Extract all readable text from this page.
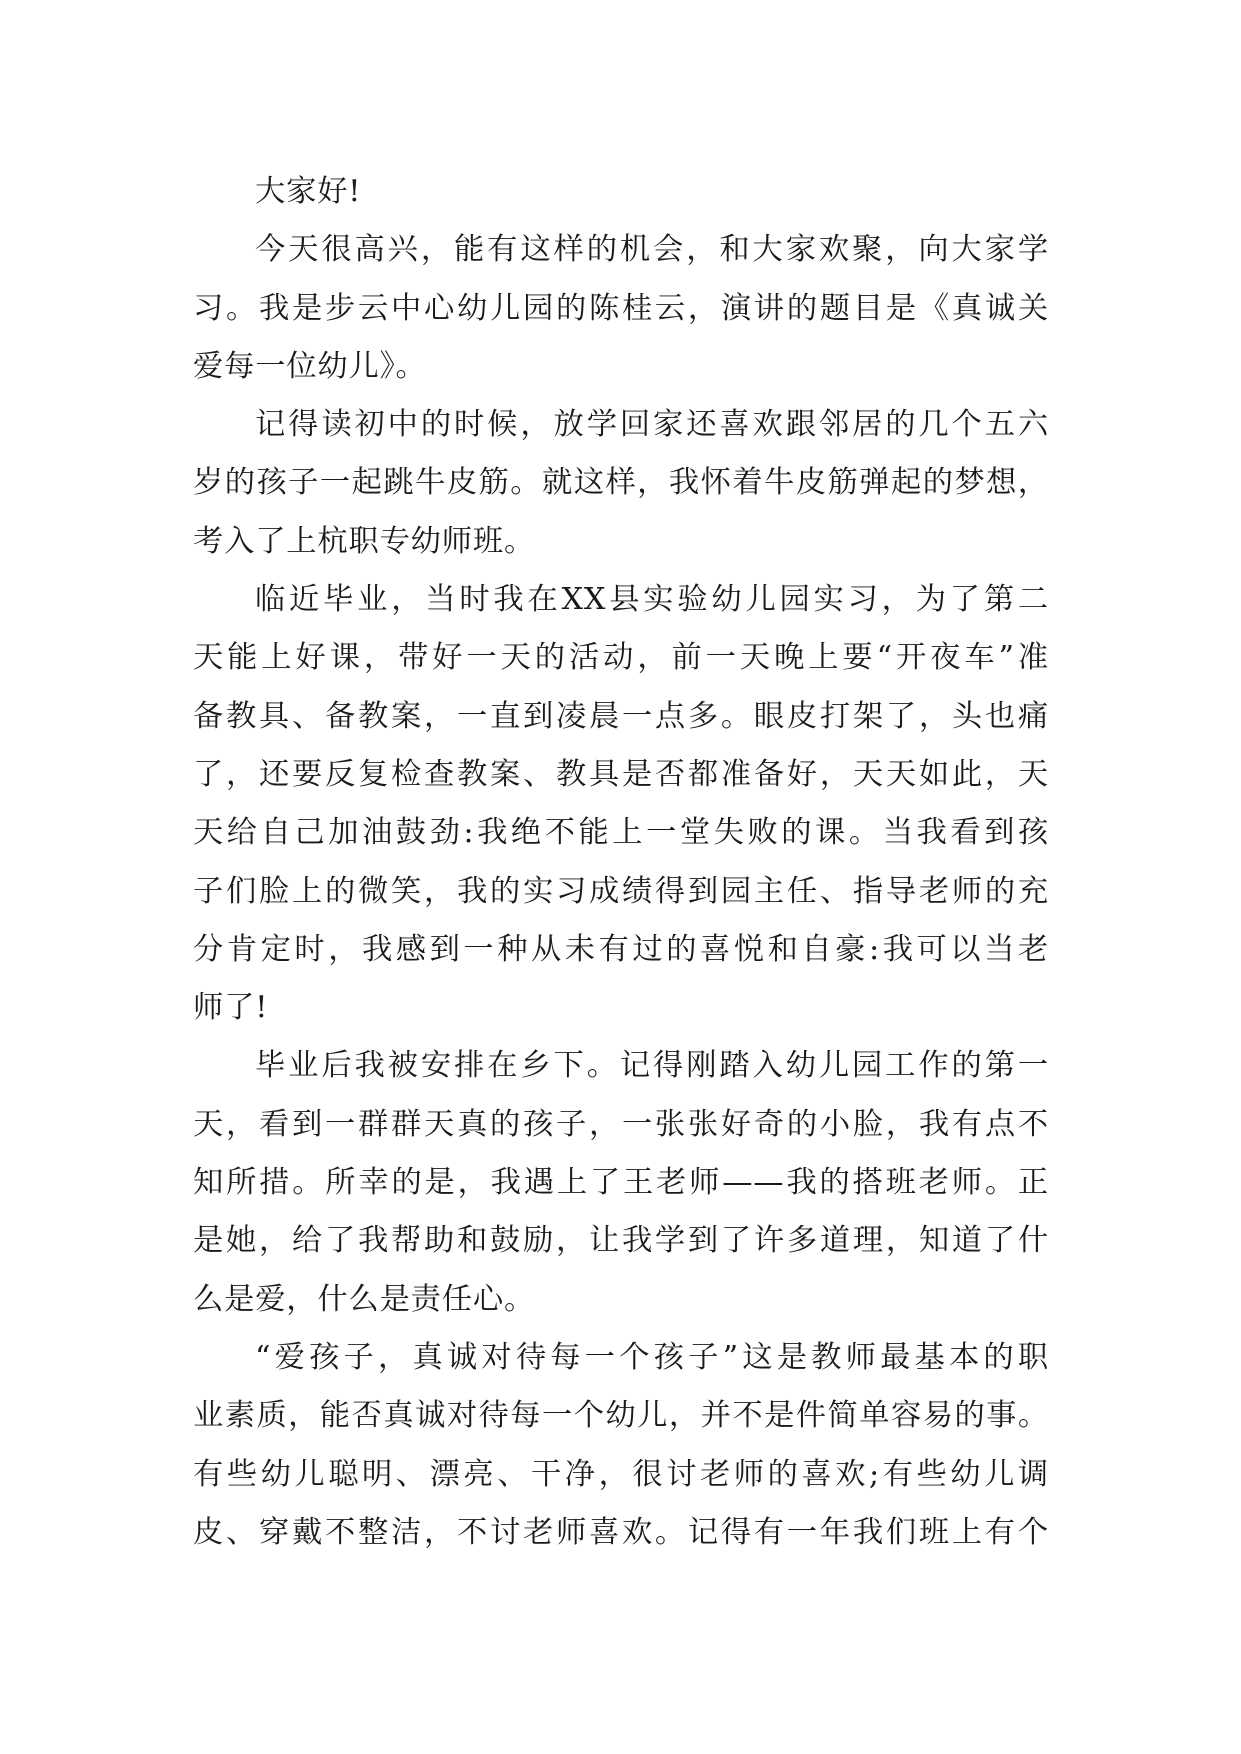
大家好!
今天很高兴，能有这样的机会，和大家欢聚，向大家学
习。我是步云中心幼儿园的陈桂云，演讲的题目是《真诚关
爱每一位幼儿》。
记得读初中的时候，放学回家还喜欢跟邻居的几个五六
岁的孩子一起跳牛皮筋。就这样，我怀着牛皮筋弹起的梦想，
考入了上杭职专幼师班。
临近毕业，当时我在XX县实验幼儿园实习，为了第二
天能上好课，带好一天的活动，前一天晚上要“开夜车”准
备教具、备教案，一直到凌晨一点多。眼皮打架了，头也痛
了，还要反复检查教案、教具是否都准备好，天天如此，天
天给自己加油鼓劲:我绝不能上一堂失败的课。当我看到孩
子们脸上的微笑，我的实习成绩得到园主任、指导老师的充
分肯定时，我感到一种从未有过的喜悦和自豪:我可以当老
师了!
毕业后我被安排在乡下。记得刚踏入幼儿园工作的第一
天，看到一群群天真的孩子，一张张好奇的小脸，我有点不
知所措。所幸的是，我遇上了王老师——我的搭班老师。正
是她，给了我帮助和鼓励，让我学到了许多道理，知道了什
么是爱，什么是责任心。
“爱孩子，真诚对待每一个孩子”这是教师最基本的职
业素质，能否真诚对待每一个幼儿，并不是件简单容易的事。
有些幼儿聪明、漂亮、干净，很讨老师的喜欢;有些幼儿调
皮、穿戴不整洁，不讨老师喜欢。记得有一年我们班上有个
